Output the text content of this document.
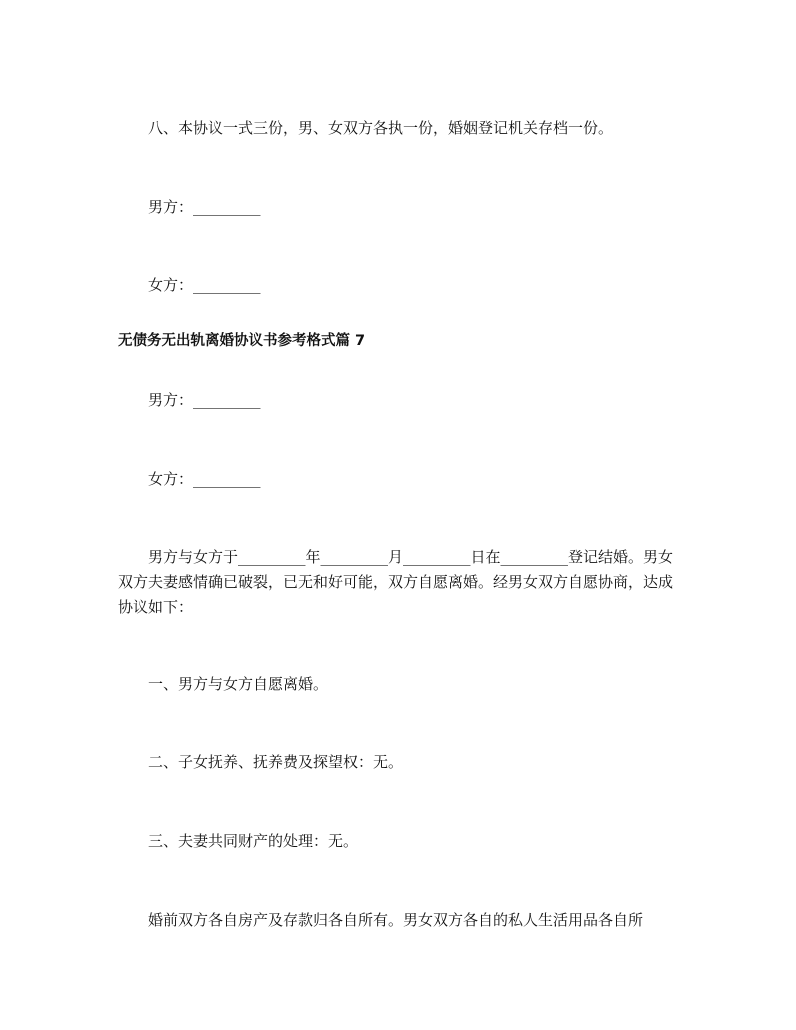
八、本协议一式三份，男、女双方各执一份，婚姻登记机关存档一份。
男方：_________
女方：_________
无债务无出轨离婚协议书参考格式篇 7
男方：_________
女方：_________
男方与女方于_________年_________月_________日在_________登记结婚。男女双方夫妻感情确已破裂，已无和好可能，双方自愿离婚。经男女双方自愿协商，达成协议如下：
一、男方与女方自愿离婚。
二、子女抚养、抚养费及探望权：无。
三、夫妻共同财产的处理：无。
婚前双方各自房产及存款归各自所有。男女双方各自的私人生活用品各自所
